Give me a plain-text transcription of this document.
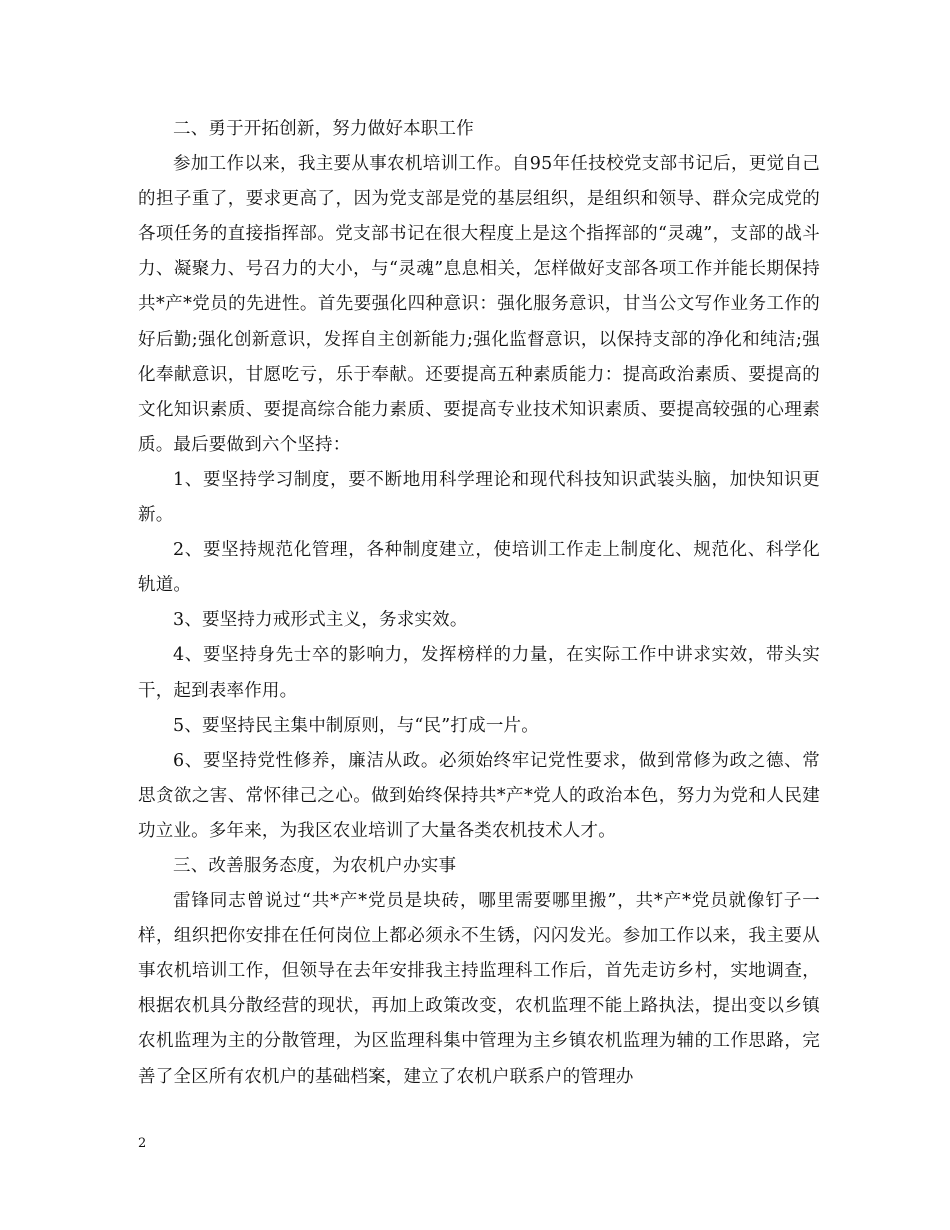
二、勇于开拓创新，努力做好本职工作

参加工作以来，我主要从事农机培训工作。自95年任技校党支部书记后，更觉自己的担子重了，要求更高了，因为党支部是党的基层组织，是组织和领导、群众完成党的各项任务的直接指挥部。党支部书记在很大程度上是这个指挥部的“灵魂”，支部的战斗力、凝聚力、号召力的大小，与“灵魂”息息相关，怎样做好支部各项工作并能长期保持共*产*党员的先进性。首先要强化四种意识：强化服务意识，甘当公文写作业务工作的好后勤;强化创新意识，发挥自主创新能力;强化监督意识，以保持支部的净化和纯洁;强化奉献意识，甘愿吃亏，乐于奉献。还要提高五种素质能力：提高政治素质、要提高的文化知识素质、要提高综合能力素质、要提高专业技术知识素质、要提高较强的心理素质。最后要做到六个坚持：

1、要坚持学习制度，要不断地用科学理论和现代科技知识武装头脑，加快知识更新。

2、要坚持规范化管理，各种制度建立，使培训工作走上制度化、规范化、科学化轨道。

3、要坚持力戒形式主义，务求实效。

4、要坚持身先士卒的影响力，发挥榜样的力量，在实际工作中讲求实效，带头实干，起到表率作用。

5、要坚持民主集中制原则，与“民”打成一片。

6、要坚持党性修养，廉洁从政。必须始终牢记党性要求，做到常修为政之德、常思贪欲之害、常怀律己之心。做到始终保持共*产*党人的政治本色，努力为党和人民建功立业。多年来，为我区农业培训了大量各类农机技术人才。

三、改善服务态度，为农机户办实事

雷锋同志曾说过“共*产*党员是块砖，哪里需要哪里搬”，共*产*党员就像钉子一样，组织把你安排在任何岗位上都必须永不生锈，闪闪发光。参加工作以来，我主要从事农机培训工作，但领导在去年安排我主持监理科工作后，首先走访乡村，实地调查，根据农机具分散经营的现状，再加上政策改变，农机监理不能上路执法，提出变以乡镇农机监理为主的分散管理，为区监理科集中管理为主乡镇农机监理为辅的工作思路，完善了全区所有农机户的基础档案，建立了农机户联系户的管理办

2
